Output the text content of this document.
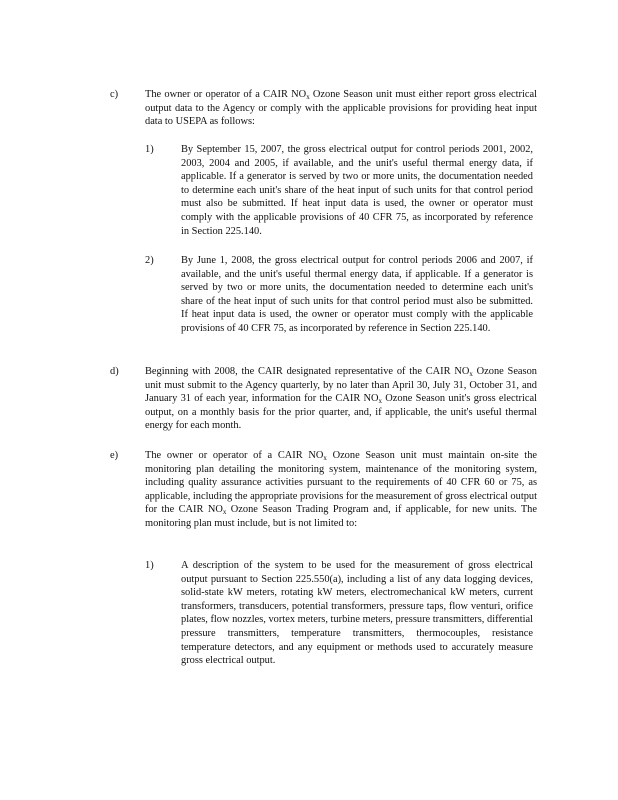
c)	The owner or operator of a CAIR $NO_x$ Ozone Season unit must either report gross electrical output data to the Agency or comply with the applicable provisions for providing heat input data to USEPA as follows:
1)	By September 15, 2007, the gross electrical output for control periods 2001, 2002, 2003, 2004 and 2005, if available, and the unit's useful thermal energy data, if applicable. If a generator is served by two or more units, the documentation needed to determine each unit's share of the heat input of such units for that control period must also be submitted. If heat input data is used, the owner or operator must comply with the applicable provisions of 40 CFR 75, as incorporated by reference in Section 225.140.
2)	By June 1, 2008, the gross electrical output for control periods 2006 and 2007, if available, and the unit's useful thermal energy data, if applicable. If a generator is served by two or more units, the documentation needed to determine each unit's share of the heat input of such units for that control period must also be submitted. If heat input data is used, the owner or operator must comply with the applicable provisions of 40 CFR 75, as incorporated by reference in Section 225.140.
d)	Beginning with 2008, the CAIR designated representative of the CAIR $NO_x$ Ozone Season unit must submit to the Agency quarterly, by no later than April 30, July 31, October 31, and January 31 of each year, information for the CAIR $NO_x$ Ozone Season unit's gross electrical output, on a monthly basis for the prior quarter, and, if applicable, the unit's useful thermal energy for each month.
e)	The owner or operator of a CAIR $NO_x$ Ozone Season unit must maintain on-site the monitoring plan detailing the monitoring system, maintenance of the monitoring system, including quality assurance activities pursuant to the requirements of 40 CFR 60 or 75, as applicable, including the appropriate provisions for the measurement of gross electrical output for the CAIR $NO_x$ Ozone Season Trading Program and, if applicable, for new units. The monitoring plan must include, but is not limited to:
1)	A description of the system to be used for the measurement of gross electrical output pursuant to Section 225.550(a), including a list of any data logging devices, solid-state kW meters, rotating kW meters, electromechanical kW meters, current transformers, transducers, potential transformers, pressure taps, flow venturi, orifice plates, flow nozzles, vortex meters, turbine meters, pressure transmitters, differential pressure transmitters, temperature transmitters, thermocouples, resistance temperature detectors, and any equipment or methods used to accurately measure gross electrical output.
